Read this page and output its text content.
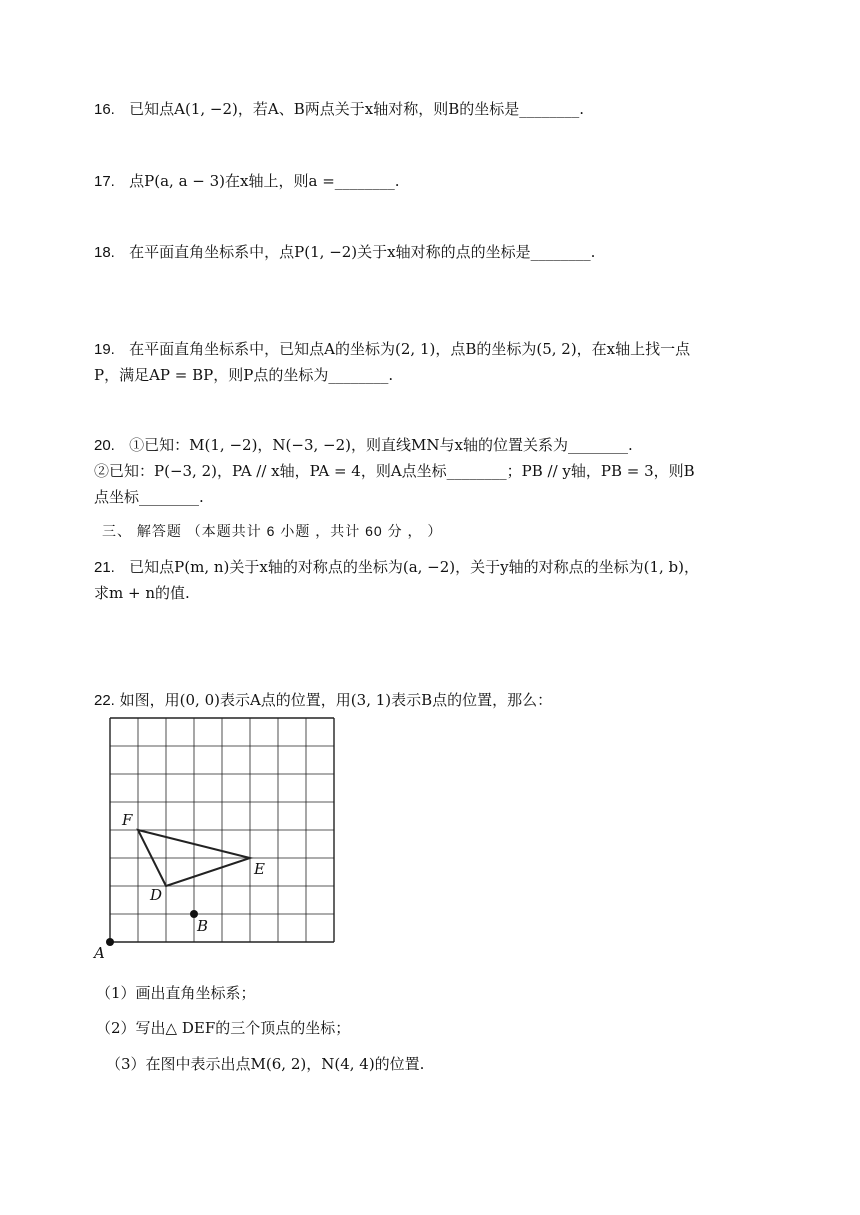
16. 已知点A(1, −2)，若A、B两点关于x轴对称，则B的坐标是________.
17. 点P(a, a − 3)在x轴上，则a =________.
18. 在平面直角坐标系中，点P(1, −2)关于x轴对称的点的坐标是________.
19. 在平面直角坐标系中，已知点A的坐标为(2, 1)，点B的坐标为(5, 2)，在x轴上找一点
P，满足AP = BP，则P点的坐标为________.
20. ①已知：M(1, −2)，N(−3, −2)，则直线MN与x轴的位置关系为________.
②已知：P(−3, 2)，PA // x轴，PA = 4，则A点坐标________；PB // y轴，PB = 3，则B
点坐标________.
三、 解答题 （本题共计 6 小题 ，共计 60 分 ， ）
21. 已知点P(m, n)关于x轴的对称点的坐标为(a, −2)，关于y轴的对称点的坐标为(1, b)，
求m + n的值.
22. 如图，用(0, 0)表示A点的位置，用(3, 1)表示B点的位置，那么：
A
B
D
E
F
（1）画出直角坐标系；
（2）写出△ DEF的三个顶点的坐标；
（3）在图中表示出点M(6, 2)，N(4, 4)的位置.
